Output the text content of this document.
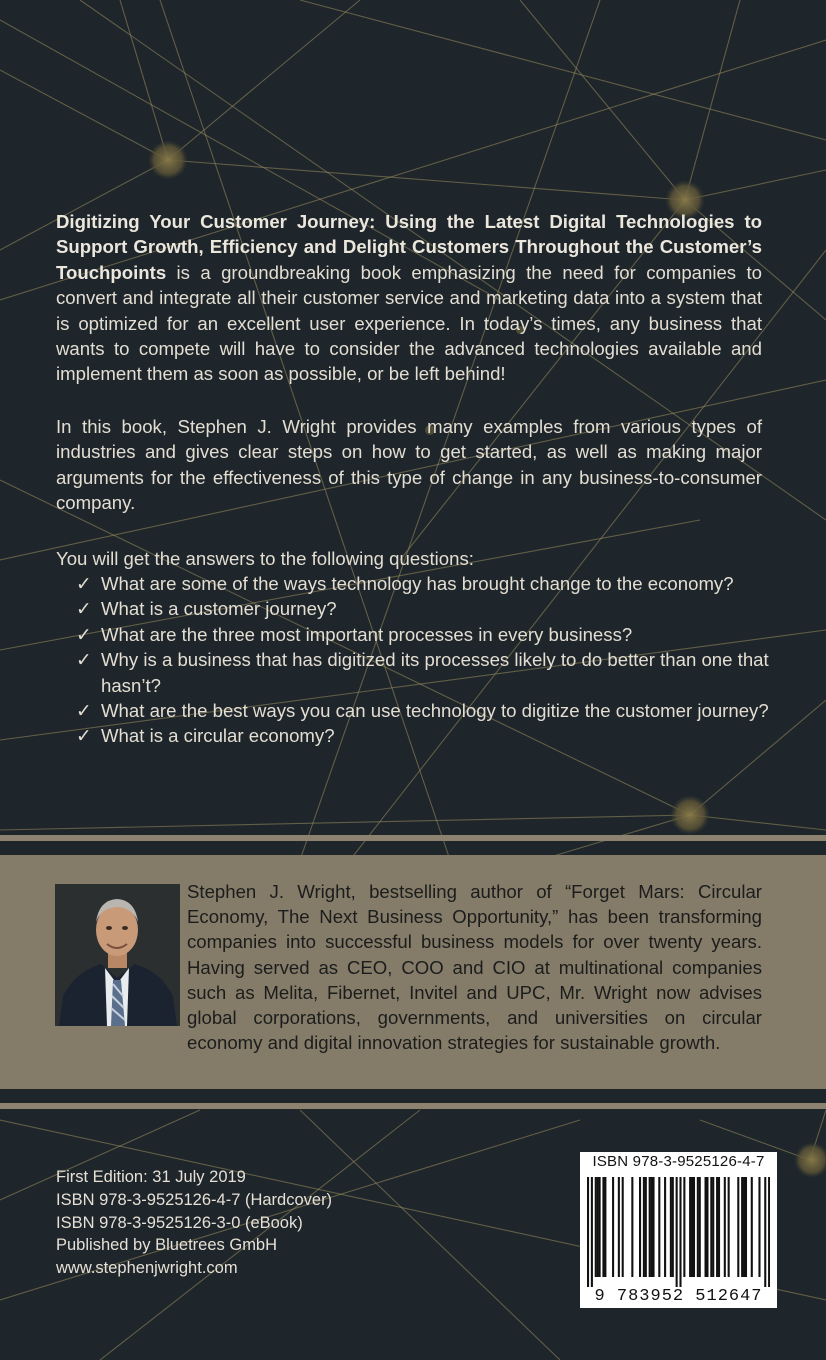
Digitizing Your Customer Journey: Using the Latest Digital Technologies to Support Growth, Efficiency and Delight Customers Throughout the Customer’s Touchpoints is a groundbreaking book emphasizing the need for companies to convert and integrate all their customer service and marketing data into a system that is optimized for an excellent user experience. In today’s times, any business that wants to compete will have to consider the advanced technologies available and implement them as soon as possible, or be left behind!
In this book, Stephen J. Wright provides many examples from various types of industries and gives clear steps on how to get started, as well as making major arguments for the effectiveness of this type of change in any business-to-consumer company.
You will get the answers to the following questions:
✓ What are some of the ways technology has brought change to the economy?
✓ What is a customer journey?
✓ What are the three most important processes in every business?
✓ Why is a business that has digitized its processes likely to do better than one that hasn’t?
✓ What are the best ways you can use technology to digitize the customer journey?
✓ What is a circular economy?
Stephen J. Wright, bestselling author of “Forget Mars: Circular Economy, The Next Business Opportunity,” has been transforming companies into successful business models for over twenty years. Having served as CEO, COO and CIO at multinational companies such as Melita, Fibernet, Invitel and UPC, Mr. Wright now advises global corporations, governments, and universities on circular economy and digital innovation strategies for sustainable growth.
First Edition: 31 July 2019
ISBN 978-3-9525126-4-7 (Hardcover)
ISBN 978-3-9525126-3-0 (eBook)
Published by Bluetrees GmbH
www.stephenjwright.com
ISBN 978-3-9525126-4-7
9 783952 512647
